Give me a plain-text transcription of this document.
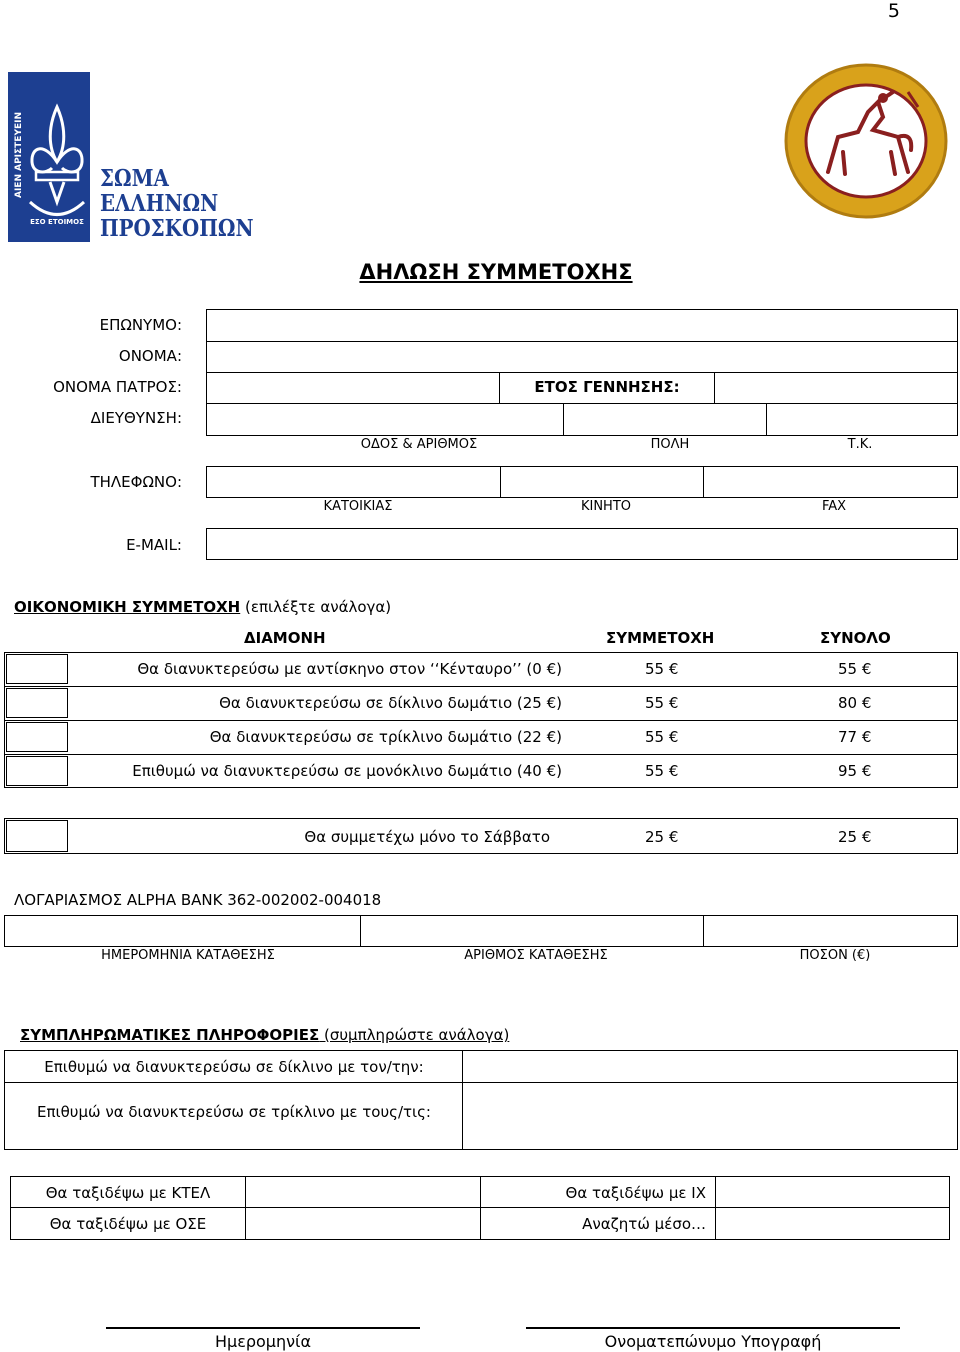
5
ΑΙΕΝ ΑΡΙΣΤΕΥΕΙΝ
ΕΣΟ ΕΤΟΙΜΟΣ
ΣΩΜΑ
ΕΛΛΗΝΩΝ
ΠΡΟΣΚΟΠΩΝ
ΔΗΛΩΣΗ ΣΥΜΜΕΤΟΧΗΣ
ΕΠΩΝΥΜΟ:
ΟΝΟΜΑ:
ΟΝΟΜΑ ΠΑΤΡΟΣ:
ΔΙΕΥΘΥΝΣΗ:
ΤΗΛΕΦΩΝΟ:
E-MAIL:
ΕΤΟΣ ΓΕΝΝΗΣΗΣ:
ΟΔΟΣ & ΑΡΙΘΜΟΣ	ΠΟΛΗ	Τ.Κ.
ΚΑΤΟΙΚΙΑΣ	ΚΙΝΗΤΟ	FAX
ΟΙΚΟΝΟΜΙΚΗ ΣΥΜΜΕΤΟΧΗ (επιλέξτε ανάλογα)
ΔΙΑΜΟΝΗ	ΣΥΜΜΕΤΟΧΗ	ΣΥΝΟΛΟ
Θα διανυκτερεύσω με αντίσκηνο στον ‘‘Κένταυρο’’ (0 €)	55 €	55 €
Θα διανυκτερεύσω σε δίκλινο δωμάτιο (25 €)	55 €	80 €
Θα διανυκτερεύσω σε τρίκλινο δωμάτιο (22 €)	55 €	77 €
Επιθυμώ να διανυκτερεύσω σε μονόκλινο δωμάτιο (40 €)	55 €	95 €
Θα συμμετέχω μόνο το Σάββατο	25 €	25 €
ΛΟΓΑΡΙΑΣΜΟΣ ALPHA BANK 362-002002-004018
ΗΜΕΡΟΜΗΝΙΑ ΚΑΤΑΘΕΣΗΣ	ΑΡΙΘΜΟΣ ΚΑΤΑΘΕΣΗΣ	ΠΟΣΟΝ (€)
ΣΥΜΠΛΗΡΩΜΑΤΙΚΕΣ ΠΛΗΡΟΦΟΡΙΕΣ (συμπληρώστε ανάλογα)
Επιθυμώ να διανυκτερεύσω σε δίκλινο με τον/την:
Επιθυμώ να διανυκτερεύσω σε τρίκλινο με τους/τις:
Θα ταξιδέψω με ΚΤΕΛ	Θα ταξιδέψω με ΙΧ
Θα ταξιδέψω με ΟΣΕ	Αναζητώ μέσο…
Ημερομηνία	Ονοματεπώνυμο Υπογραφή
